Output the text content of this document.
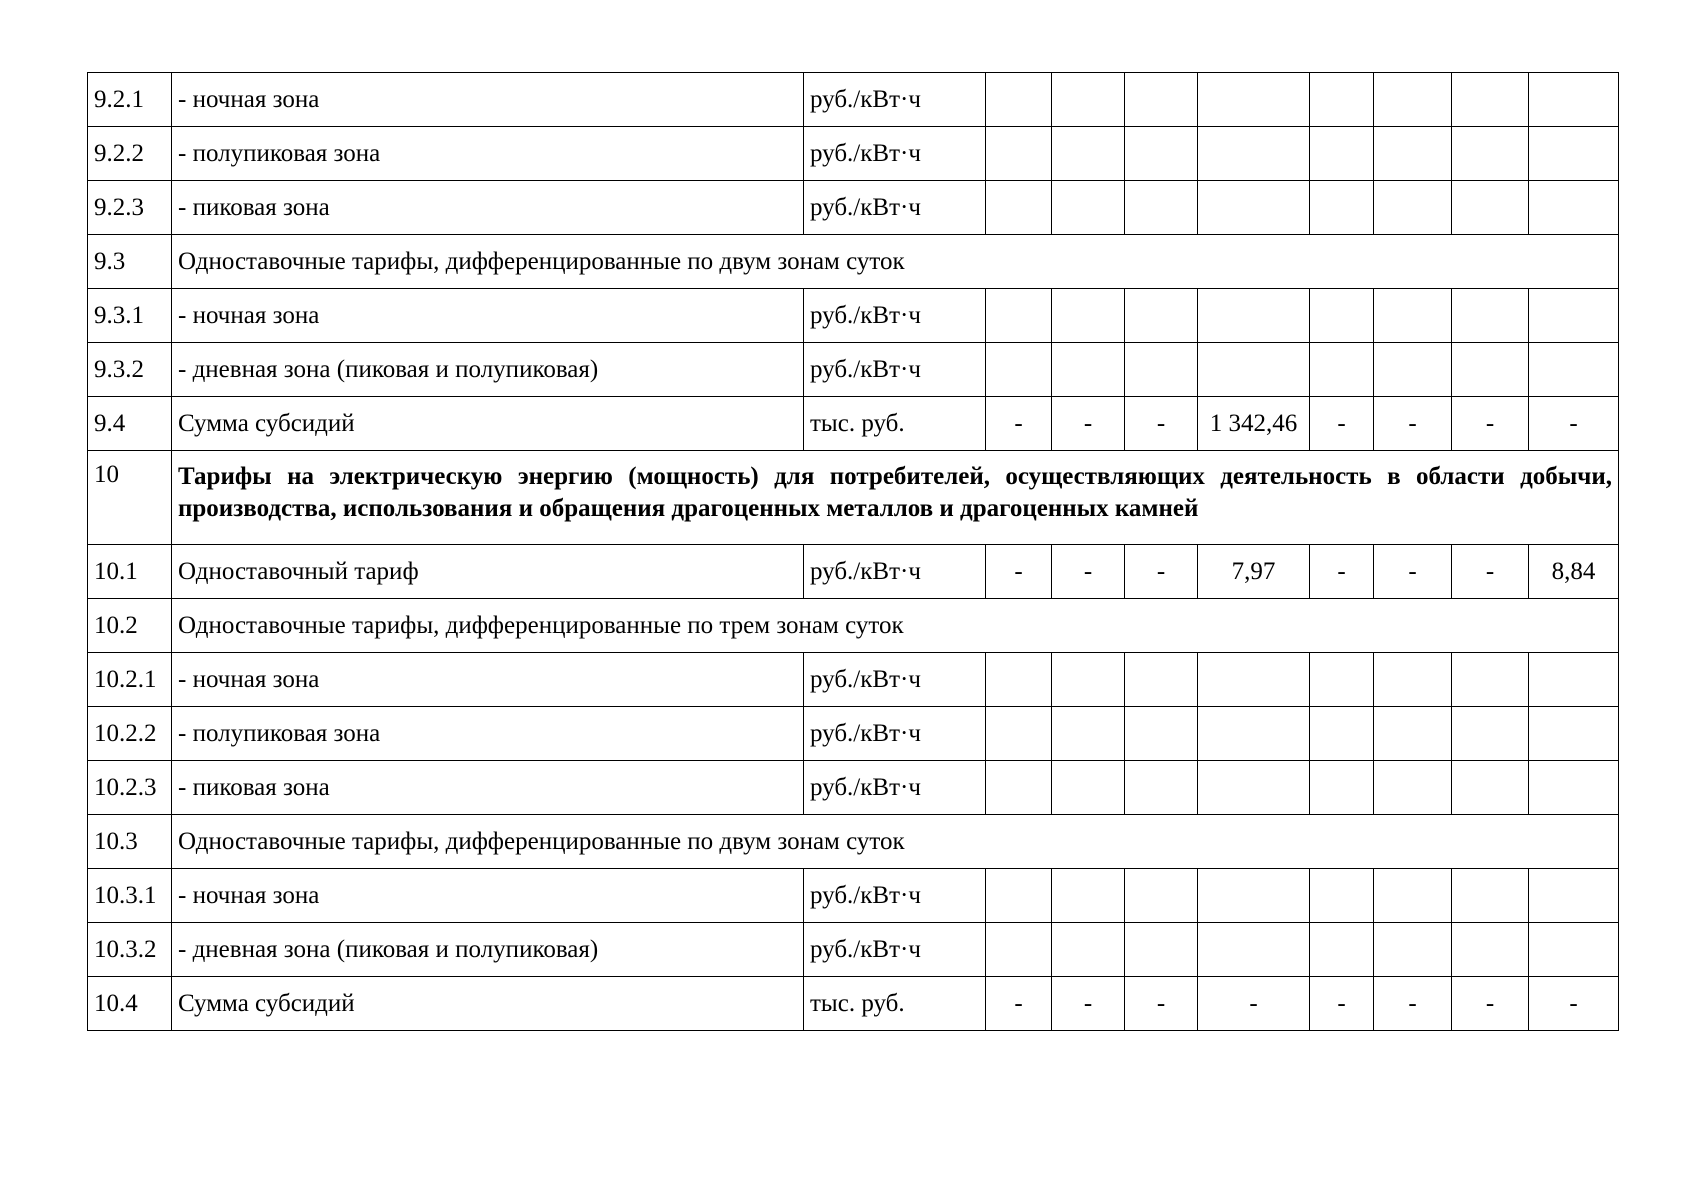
9.2.1	- ночная зона	руб./кВт·ч								
9.2.2	- полупиковая зона	руб./кВт·ч								
9.2.3	- пиковая зона	руб./кВт·ч								
9.3	Одноставочные тарифы, дифференцированные по двум зонам суток									
9.3.1	- ночная зона	руб./кВт·ч								
9.3.2	- дневная зона (пиковая и полупиковая)	руб./кВт·ч								
9.4	Сумма субсидий	тыс. руб.	-	-	-	1 342,46	-	-	-	-
10	Тарифы на электрическую энергию (мощность) для потребителей, осуществляющих деятельность в области добычи, производства, использования и обращения драгоценных металлов и драгоценных камней									
10.1	Одноставочный тариф	руб./кВт·ч	-	-	-	7,97	-	-	-	8,84
10.2	Одноставочные тарифы, дифференцированные по трем зонам суток									
10.2.1	- ночная зона	руб./кВт·ч								
10.2.2	- полупиковая зона	руб./кВт·ч								
10.2.3	- пиковая зона	руб./кВт·ч								
10.3	Одноставочные тарифы, дифференцированные по двум зонам суток									
10.3.1	- ночная зона	руб./кВт·ч								
10.3.2	- дневная зона (пиковая и полупиковая)	руб./кВт·ч								
10.4	Сумма субсидий	тыс. руб.	-	-	-	-	-	-	-	-
